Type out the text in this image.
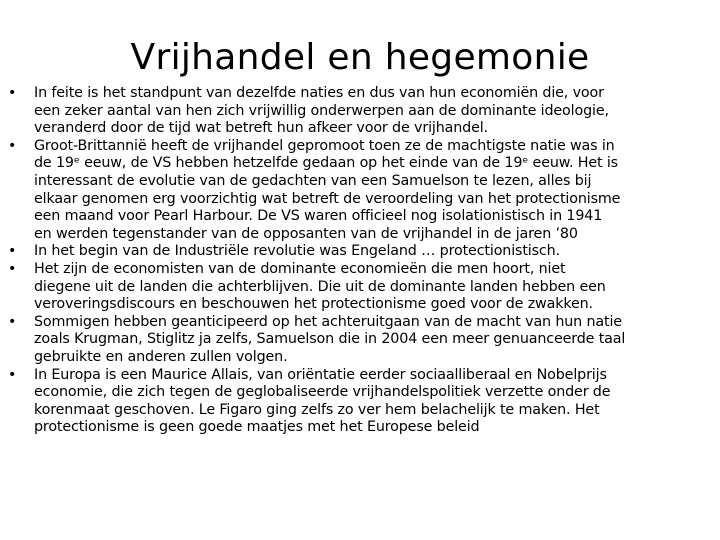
Vrijhandel en hegemonie
•	In feite is het standpunt van dezelfde naties en dus van hun economiën die, voor
een zeker aantal van hen zich vrijwillig onderwerpen aan de dominante ideologie,
veranderd door de tijd wat betreft hun afkeer voor de vrijhandel.
•	Groot-Brittannië heeft de vrijhandel gepromoot toen ze de machtigste natie was in
de 19ᵉ eeuw, de VS hebben hetzelfde gedaan op het einde van de 19ᵉ eeuw. Het is
interessant de evolutie van de gedachten van een Samuelson te lezen, alles bij
elkaar genomen erg voorzichtig wat betreft de veroordeling van het protectionisme
een maand voor Pearl Harbour. De VS waren officieel nog isolationistisch in 1941
en werden tegenstander van de opposanten van de vrijhandel in de jaren ’80
•	In het begin van de Industriële revolutie was Engeland … protectionistisch.
•	Het zijn de economisten van de dominante economieën die men hoort, niet
diegene uit de landen die achterblijven. Die uit de dominante landen hebben een
veroveringsdiscours en beschouwen het protectionisme goed voor de zwakken.
•	Sommigen hebben geanticipeerd op het achteruitgaan van de macht van hun natie
zoals Krugman, Stiglitz ja zelfs, Samuelson die in 2004 een meer genuanceerde taal
gebruikte en anderen zullen volgen.
•	In Europa is een Maurice Allais, van oriëntatie eerder sociaalliberaal en Nobelprijs
economie, die zich tegen de geglobaliseerde vrijhandelspolitiek verzette onder de
korenmaat geschoven. Le Figaro ging zelfs zo ver hem belachelijk te maken. Het
protectionisme is geen goede maatjes met het Europese beleid
